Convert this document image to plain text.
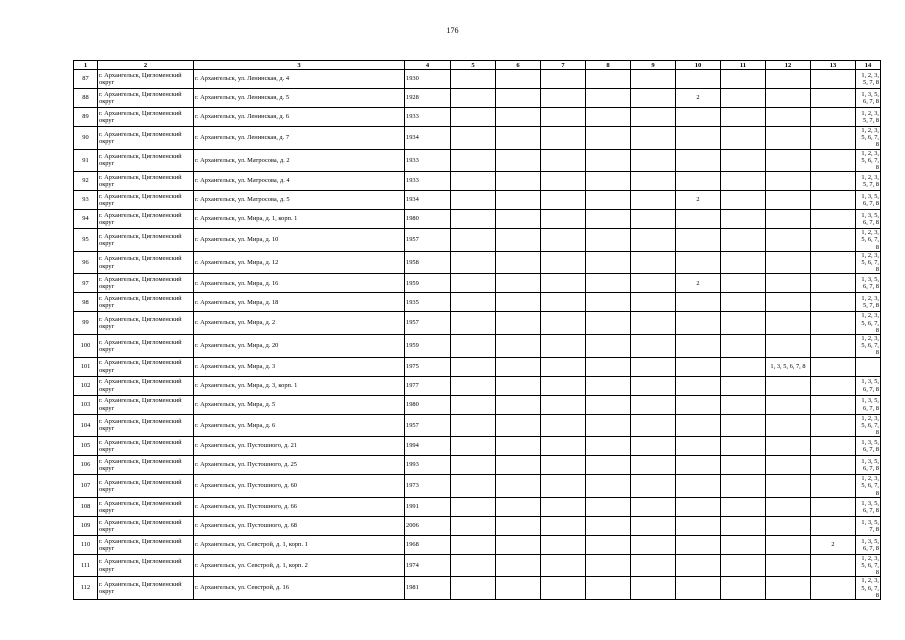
176
1	2	3	4	5	6	7	8	9	10	11	12	13	14
87	г. Архангельск, Цигломенский округ	г. Архангельск, ул. Ленинская, д. 4	1930										1, 2, 3, 5, 7, 8
88	г. Архангельск, Цигломенский округ	г. Архангельск, ул. Ленинская, д. 5	1928						2				1, 3, 5, 6, 7, 8
89	г. Архангельск, Цигломенский округ	г. Архангельск, ул. Ленинская, д. 6	1933										1, 2, 3, 5, 7, 8
90	г. Архангельск, Цигломенский округ	г. Архангельск, ул. Ленинская, д. 7	1934										1, 2, 3, 5, 6, 7, 8
91	г. Архангельск, Цигломенский округ	г. Архангельск, ул. Матросова, д. 2	1933										1, 2, 3, 5, 6, 7, 8
92	г. Архангельск, Цигломенский округ	г. Архангельск, ул. Матросова, д. 4	1933										1, 2, 3, 5, 7, 8
93	г. Архангельск, Цигломенский округ	г. Архангельск, ул. Матросова, д. 5	1934						2				1, 3, 5, 6, 7, 8
94	г. Архангельск, Цигломенский округ	г. Архангельск, ул. Мира, д. 1, корп. 1	1980										1, 3, 5, 6, 7, 8
95	г. Архангельск, Цигломенский округ	г. Архангельск, ул. Мира, д. 10	1957										1, 2, 3, 5, 6, 7, 8
96	г. Архангельск, Цигломенский округ	г. Архангельск, ул. Мира, д. 12	1958										1, 2, 3, 5, 6, 7, 8
97	г. Архангельск, Цигломенский округ	г. Архангельск, ул. Мира, д. 16	1959						2				1, 3, 5, 6, 7, 8
98	г. Архангельск, Цигломенский округ	г. Архангельск, ул. Мира, д. 18	1935										1, 2, 3, 5, 7, 8
99	г. Архангельск, Цигломенский округ	г. Архангельск, ул. Мира, д. 2	1957										1, 2, 3, 5, 6, 7, 8
100	г. Архангельск, Цигломенский округ	г. Архангельск, ул. Мира, д. 20	1959										1, 2, 3, 5, 6, 7, 8
101	г. Архангельск, Цигломенский округ	г. Архангельск, ул. Мира, д. 3	1975								1, 3, 5, 6, 7, 8		
102	г. Архангельск, Цигломенский округ	г. Архангельск, ул. Мира, д. 3, корп. 1	1977										1, 3, 5, 6, 7, 8
103	г. Архангельск, Цигломенский округ	г. Архангельск, ул. Мира, д. 5	1980										1, 3, 5, 6, 7, 8
104	г. Архангельск, Цигломенский округ	г. Архангельск, ул. Мира, д. 6	1957										1, 2, 3, 5, 6, 7, 8
105	г. Архангельск, Цигломенский округ	г. Архангельск, ул. Пустошного, д. 21	1994										1, 3, 5, 6, 7, 8
106	г. Архангельск, Цигломенский округ	г. Архангельск, ул. Пустошного, д. 25	1993										1, 3, 5, 6, 7, 8
107	г. Архангельск, Цигломенский округ	г. Архангельск, ул. Пустошного, д. 60	1973										1, 2, 3, 5, 6, 7, 8
108	г. Архангельск, Цигломенский округ	г. Архангельск, ул. Пустошного, д. 66	1991										1, 3, 5, 6, 7, 8
109	г. Архангельск, Цигломенский округ	г. Архангельск, ул. Пустошного, д. 68	2006										1, 3, 5, 7, 8
110	г. Архангельск, Цигломенский округ	г. Архангельск, ул. Севстрой, д. 1, корп. 1	1968									2	1, 3, 5, 6, 7, 8
111	г. Архангельск, Цигломенский округ	г. Архангельск, ул. Севстрой, д. 1, корп. 2	1974										1, 2, 3, 5, 6, 7, 8
112	г. Архангельск, Цигломенский округ	г. Архангельск, ул. Севстрой, д. 16	1981										1, 2, 3, 5, 6, 7, 8
